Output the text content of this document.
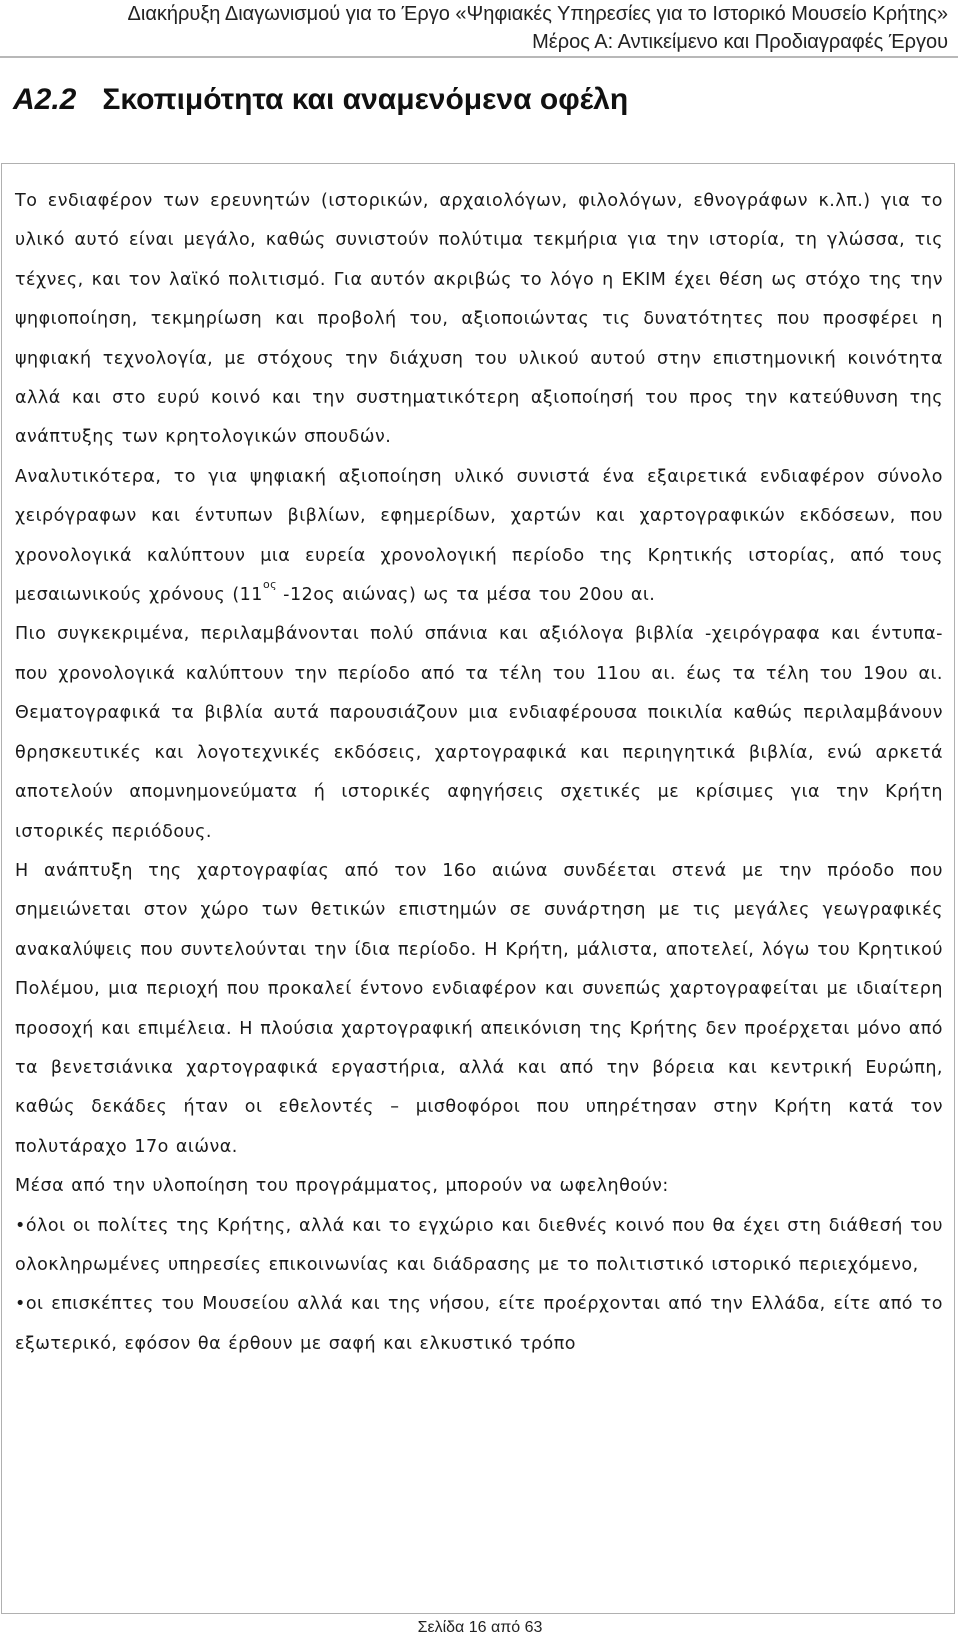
Διακήρυξη Διαγωνισμού για το Έργο «Ψηφιακές Υπηρεσίες για το Ιστορικό Μουσείο Κρήτης»
Μέρος Α: Αντικείμενο και Προδιαγραφές Έργου
Α2.2 Σκοπιμότητα και αναμενόμενα οφέλη

Το ενδιαφέρον των ερευνητών (ιστορικών, αρχαιολόγων, φιλολόγων, εθνογράφων κ.λπ.) για το υλικό αυτό είναι μεγάλο, καθώς συνιστούν πολύτιμα τεκμήρια για την ιστορία, τη γλώσσα, τις τέχνες, και τον λαϊκό πολιτισμό. Για αυτόν ακριβώς το λόγο η ΕΚΙΜ έχει θέση ως στόχο της την ψηφιοποίηση, τεκμηρίωση και προβολή του, αξιοποιώντας τις δυνατότητες που προσφέρει η ψηφιακή τεχνολογία, με στόχους την διάχυση του υλικού αυτού στην επιστημονική κοινότητα αλλά και στο ευρύ κοινό και την συστηματικότερη αξιοποίησή του προς την κατεύθυνση της ανάπτυξης των κρητολογικών σπουδών.

Αναλυτικότερα, το για ψηφιακή αξιοποίηση υλικό συνιστά ένα εξαιρετικά ενδιαφέρον σύνολο χειρόγραφων και έντυπων βιβλίων, εφημερίδων, χαρτών και χαρτογραφικών εκδόσεων, που χρονολογικά καλύπτουν μια ευρεία χρονολογική περίοδο της Κρητικής ιστορίας, από τους μεσαιωνικούς χρόνους ($11^{o\varsigma}-12o\varsigma$ αιώνας) ως τα μέσα του 20ου αι.

Πιο συγκεκριμένα, περιλαμβάνονται πολύ σπάνια και αξιόλογα βιβλία -χειρόγραφα και έντυπα- που χρονολογικά καλύπτουν την περίοδο από τα τέλη του 11ου αι. έως τα τέλη του 19ου αι. Θεματογραφικά τα βιβλία αυτά παρουσιάζουν μια ενδιαφέρουσα ποικιλία καθώς περιλαμβάνουν θρησκευτικές και λογοτεχνικές εκδόσεις, χαρτογραφικά και περιηγητικά βιβλία, ενώ αρκετά αποτελούν απομνημονεύματα ή ιστορικές αφηγήσεις σχετικές με κρίσιμες για την Κρήτη ιστορικές περιόδους.

Η ανάπτυξη της χαρτογραφίας από τον 16ο αιώνα συνδέεται στενά με την πρόοδο που σημειώνεται στον χώρο των θετικών επιστημών σε συνάρτηση με τις μεγάλες γεωγραφικές ανακαλύψεις που συντελούνται την ίδια περίοδο. Η Κρήτη, μάλιστα, αποτελεί, λόγω του Κρητικού Πολέμου, μια περιοχή που προκαλεί έντονο ενδιαφέρον και συνεπώς χαρτογραφείται με ιδιαίτερη προσοχή και επιμέλεια. Η πλούσια χαρτογραφική απεικόνιση της Κρήτης δεν προέρχεται μόνο από τα βενετσιάνικα χαρτογραφικά εργαστήρια, αλλά και από την βόρεια και κεντρική Ευρώπη, καθώς δεκάδες ήταν οι εθελοντές – μισθοφόροι που υπηρέτησαν στην Κρήτη κατά τον πολυτάραχο 17ο αιώνα.

Μέσα από την υλοποίηση του προγράμματος, μπορούν να ωφεληθούν:

• όλοι οι πολίτες της Κρήτης, αλλά και το εγχώριο και διεθνές κοινό που θα έχει στη διάθεσή του ολοκληρωμένες υπηρεσίες επικοινωνίας και διάδρασης με το πολιτιστικό ιστορικό περιεχόμενο,

• οι επισκέπτες του Μουσείου αλλά και της νήσου, είτε προέρχονται από την Ελλάδα, είτε από το εξωτερικό, εφόσον θα έρθουν με σαφή και ελκυστικό τρόπο

Σελίδα 16 από 63
